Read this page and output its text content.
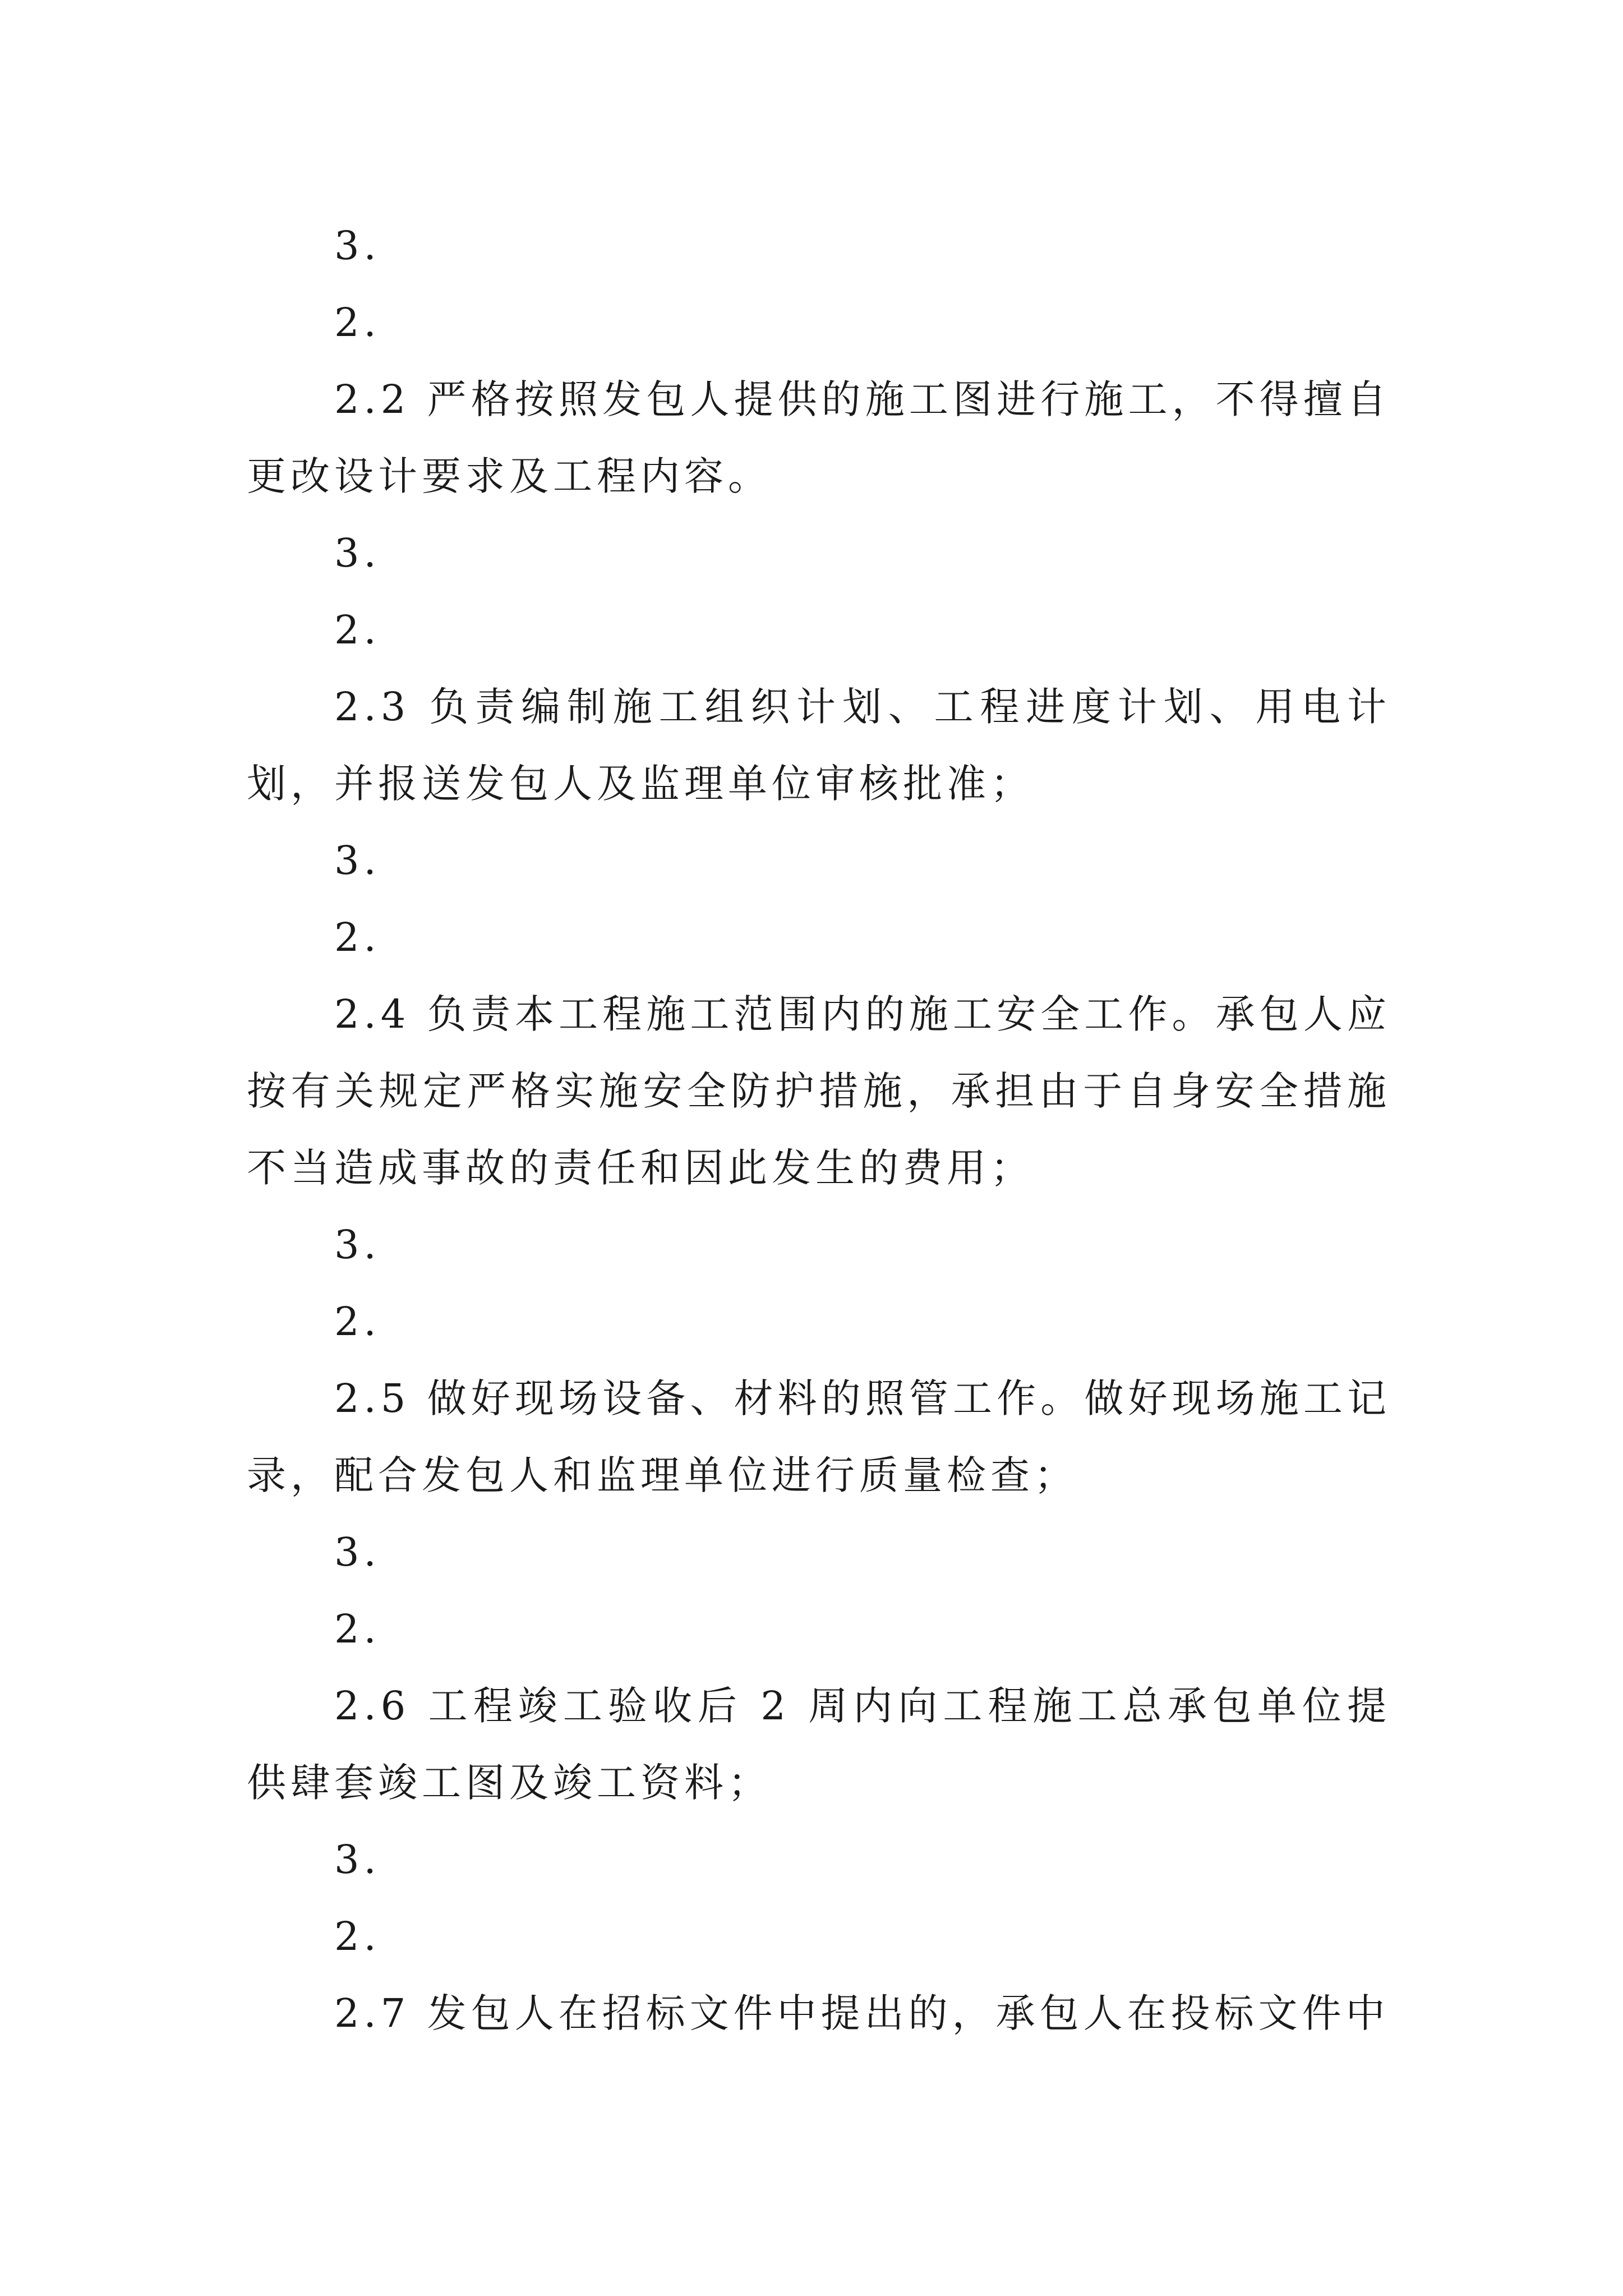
3.

2.

2.2 严格按照发包人提供的施工图进行施工，不得擅自更改设计要求及工程内容。

3.

2.

2.3 负责编制施工组织计划、工程进度计划、用电计划，并报送发包人及监理单位审核批准；

3.

2.

2.4 负责本工程施工范围内的施工安全工作。承包人应按有关规定严格实施安全防护措施，承担由于自身安全措施不当造成事故的责任和因此发生的费用；

3.

2.

2.5 做好现场设备、材料的照管工作。做好现场施工记录，配合发包人和监理单位进行质量检查；

3.

2.

2.6 工程竣工验收后 2 周内向工程施工总承包单位提供肆套竣工图及竣工资料；

3.

2.

2.7 发包人在招标文件中提出的，承包人在投标文件中
